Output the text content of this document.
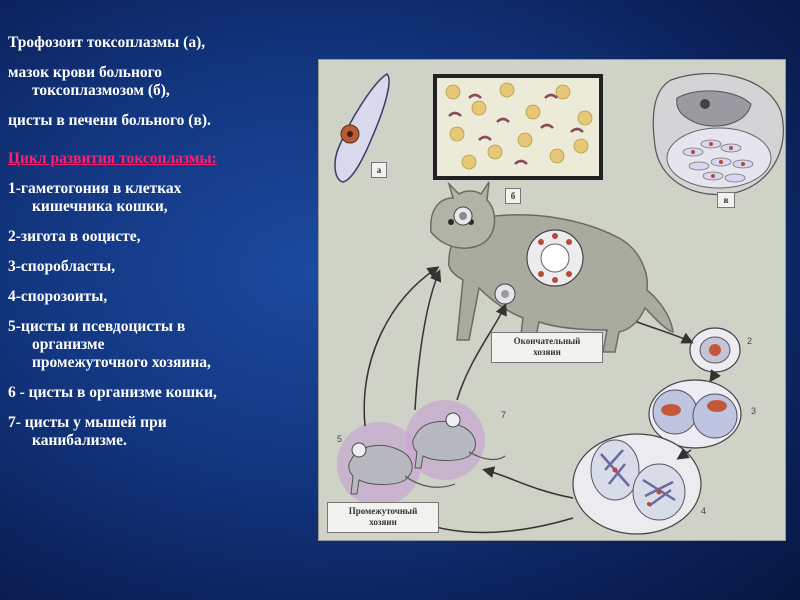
Трофозоит токсоплазмы (а),
мазок крови больного
токсоплазмозом (б),
цисты в печени больного (в).
Цикл развития токсоплазмы:
1-гаметогония в клетках
кишечника кошки,
2-зигота в ооцисте,
3-споробласты,
4-спорозоиты,
5-цисты и псевдоцисты в
организме
промежуточного хозяина,
6 - цисты в организме кошки,
7- цисты у мышей при
канибализме.
а
б	в
Окончательный
хозяин
Промежуточный
хозяин
2
3
4
5
7
